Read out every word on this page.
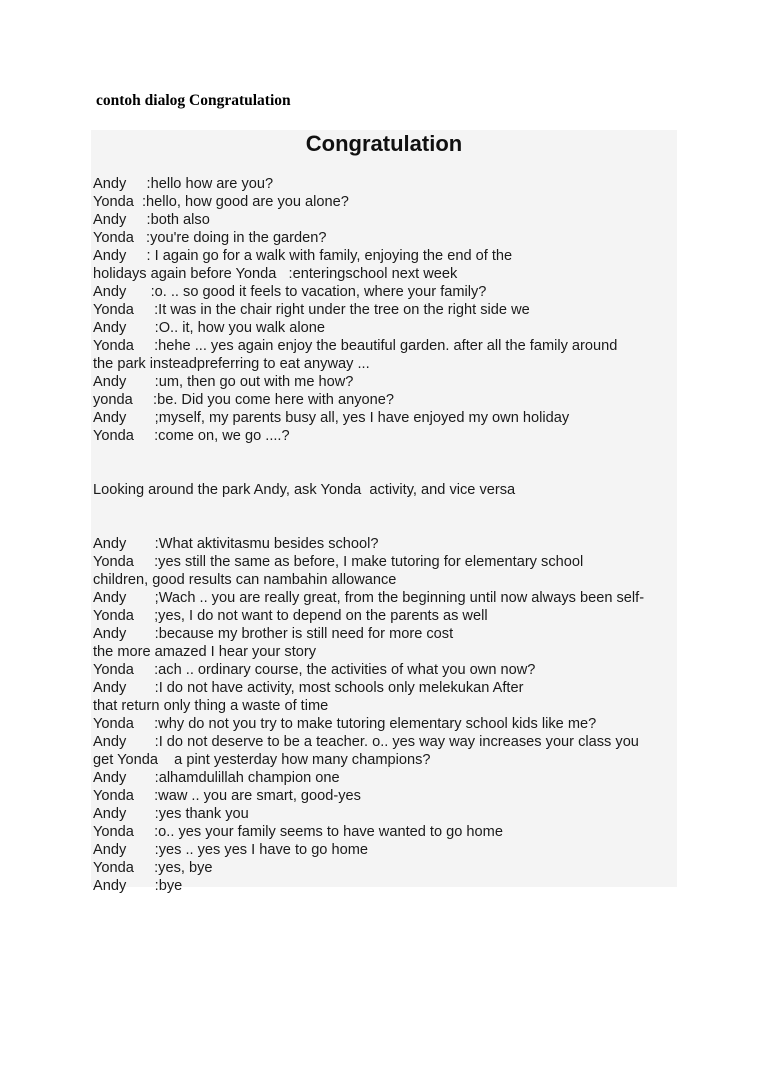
contoh dialog Congratulation
Congratulation
Andy     :hello how are you?
Yonda  :hello, how good are you alone?
Andy     :both also
Yonda   :you're doing in the garden?
Andy     : I again go for a walk with family, enjoying the end of the
holidays again before Yonda   :enteringschool next week
Andy      :o. .. so good it feels to vacation, where your family?
Yonda     :It was in the chair right under the tree on the right side we
Andy       :O.. it, how you walk alone
Yonda     :hehe ... yes again enjoy the beautiful garden. after all the family around
the park insteadpreferring to eat anyway ...
Andy       :um, then go out with me how?
yonda     :be. Did you come here with anyone?
Andy       ;myself, my parents busy all, yes I have enjoyed my own holiday
Yonda     :come on, we go ....?
Looking around the park Andy, ask Yonda  activity, and vice versa
Andy       :What aktivitasmu besides school?
Yonda     :yes still the same as before, I make tutoring for elementary school
children, good results can nambahin allowance
Andy       ;Wach .. you are really great, from the beginning until now always been self-
Yonda     ;yes, I do not want to depend on the parents as well
Andy       :because my brother is still need for more cost
the more amazed I hear your story
Yonda     :ach .. ordinary course, the activities of what you own now?
Andy       :I do not have activity, most schools only melekukan After
that return only thing a waste of time
Yonda     :why do not you try to make tutoring elementary school kids like me?
Andy       :I do not deserve to be a teacher. o.. yes way way increases your class you
get Yonda    a pint yesterday how many champions?
Andy       :alhamdulillah champion one
Yonda     :waw .. you are smart, good-yes
Andy       :yes thank you
Yonda     :o.. yes your family seems to have wanted to go home
Andy       :yes .. yes yes I have to go home
Yonda     :yes, bye
Andy       :bye
